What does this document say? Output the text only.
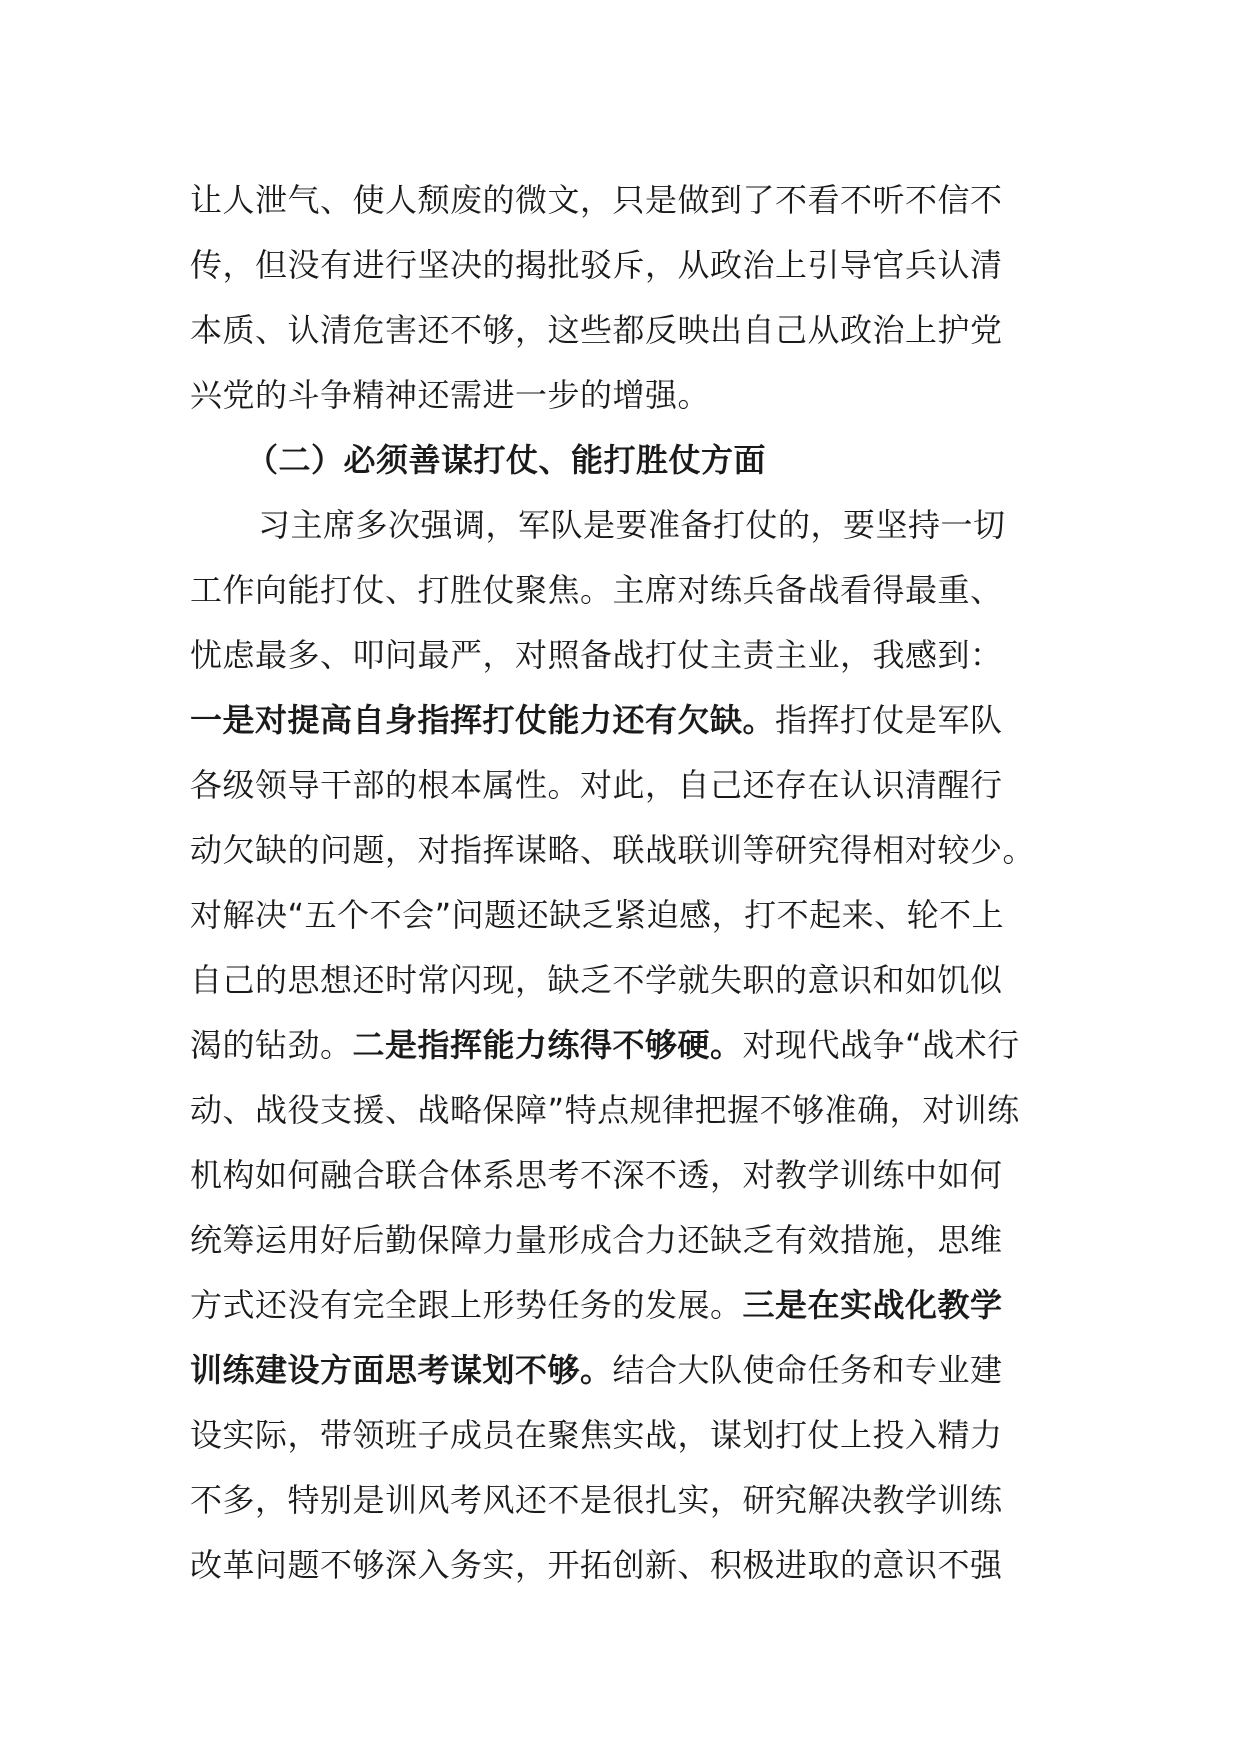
让人泄气、使人颓废的微文，只是做到了不看不听不信不
传，但没有进行坚决的揭批驳斥，从政治上引导官兵认清
本质、认清危害还不够，这些都反映出自己从政治上护党
兴党的斗争精神还需进一步的增强。
（二）必须善谋打仗、能打胜仗方面
习主席多次强调，军队是要准备打仗的，要坚持一切
工作向能打仗、打胜仗聚焦。主席对练兵备战看得最重、
忧虑最多、叩问最严，对照备战打仗主责主业，我感到：
一是对提高自身指挥打仗能力还有欠缺。指挥打仗是军队
各级领导干部的根本属性。对此，自己还存在认识清醒行
动欠缺的问题，对指挥谋略、联战联训等研究得相对较少。
对解决“五个不会”问题还缺乏紧迫感，打不起来、轮不上
自己的思想还时常闪现，缺乏不学就失职的意识和如饥似
渴的钻劲。二是指挥能力练得不够硬。对现代战争“战术行
动、战役支援、战略保障”特点规律把握不够准确，对训练
机构如何融合联合体系思考不深不透，对教学训练中如何
统筹运用好后勤保障力量形成合力还缺乏有效措施，思维
方式还没有完全跟上形势任务的发展。三是在实战化教学
训练建设方面思考谋划不够。结合大队使命任务和专业建
设实际，带领班子成员在聚焦实战，谋划打仗上投入精力
不多，特别是训风考风还不是很扎实，研究解决教学训练
改革问题不够深入务实，开拓创新、积极进取的意识不强
